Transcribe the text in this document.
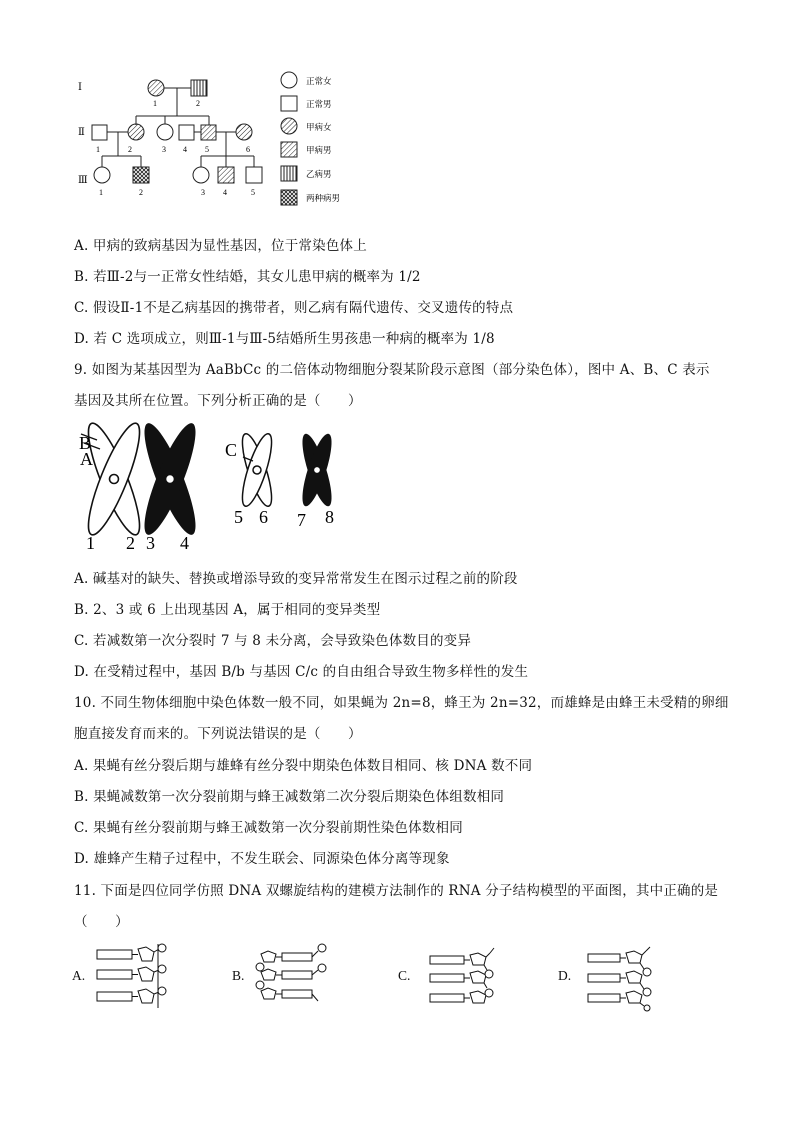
Ⅰ
Ⅱ
Ⅲ
1	2
1	2	3 4 5	6
1	2	3 4	5
正常女
正常男
甲病女
甲病男
乙病男
两种病男
A. 甲病的致病基因为显性基因，位于常染色体上
B. 若Ⅲ-2与一正常女性结婚，其女儿患甲病的概率为 1/2
C. 假设Ⅱ-1不是乙病基因的携带者，则乙病有隔代遗传、交叉遗传的特点
D. 若 C 选项成立，则Ⅲ-1与Ⅲ-5结婚所生男孩患一种病的概率为 1/8
9. 如图为某基因型为 AaBbCc 的二倍体动物细胞分裂某阶段示意图（部分染色体），图中 A、B、C 表示
基因及其所在位置。下列分析正确的是（　　）
B
A	C
1 2 3 4
5 6 7 8
A. 碱基对的缺失、替换或增添导致的变异常常发生在图示过程之前的阶段
B. 2、3 或 6 上出现基因 A，属于相同的变异类型
C. 若减数第一次分裂时 7 与 8 未分离，会导致染色体数目的变异
D. 在受精过程中，基因 B/b 与基因 C/c 的自由组合导致生物多样性的发生
10. 不同生物体细胞中染色体数一般不同，如果蝇为 2n=8，蜂王为 2n=32，而雄蜂是由蜂王未受精的卵细
胞直接发育而来的。下列说法错误的是（　　）
A. 果蝇有丝分裂后期与雄蜂有丝分裂中期染色体数目相同、核 DNA 数不同
B. 果蝇减数第一次分裂前期与蜂王减数第二次分裂后期染色体组数相同
C. 果蝇有丝分裂前期与蜂王减数第一次分裂前期性染色体数相同
D. 雄蜂产生精子过程中，不发生联会、同源染色体分离等现象
11. 下面是四位同学仿照 DNA 双螺旋结构的建模方法制作的 RNA 分子结构模型的平面图，其中正确的是
（　　）
A.	B.	C.	D.
